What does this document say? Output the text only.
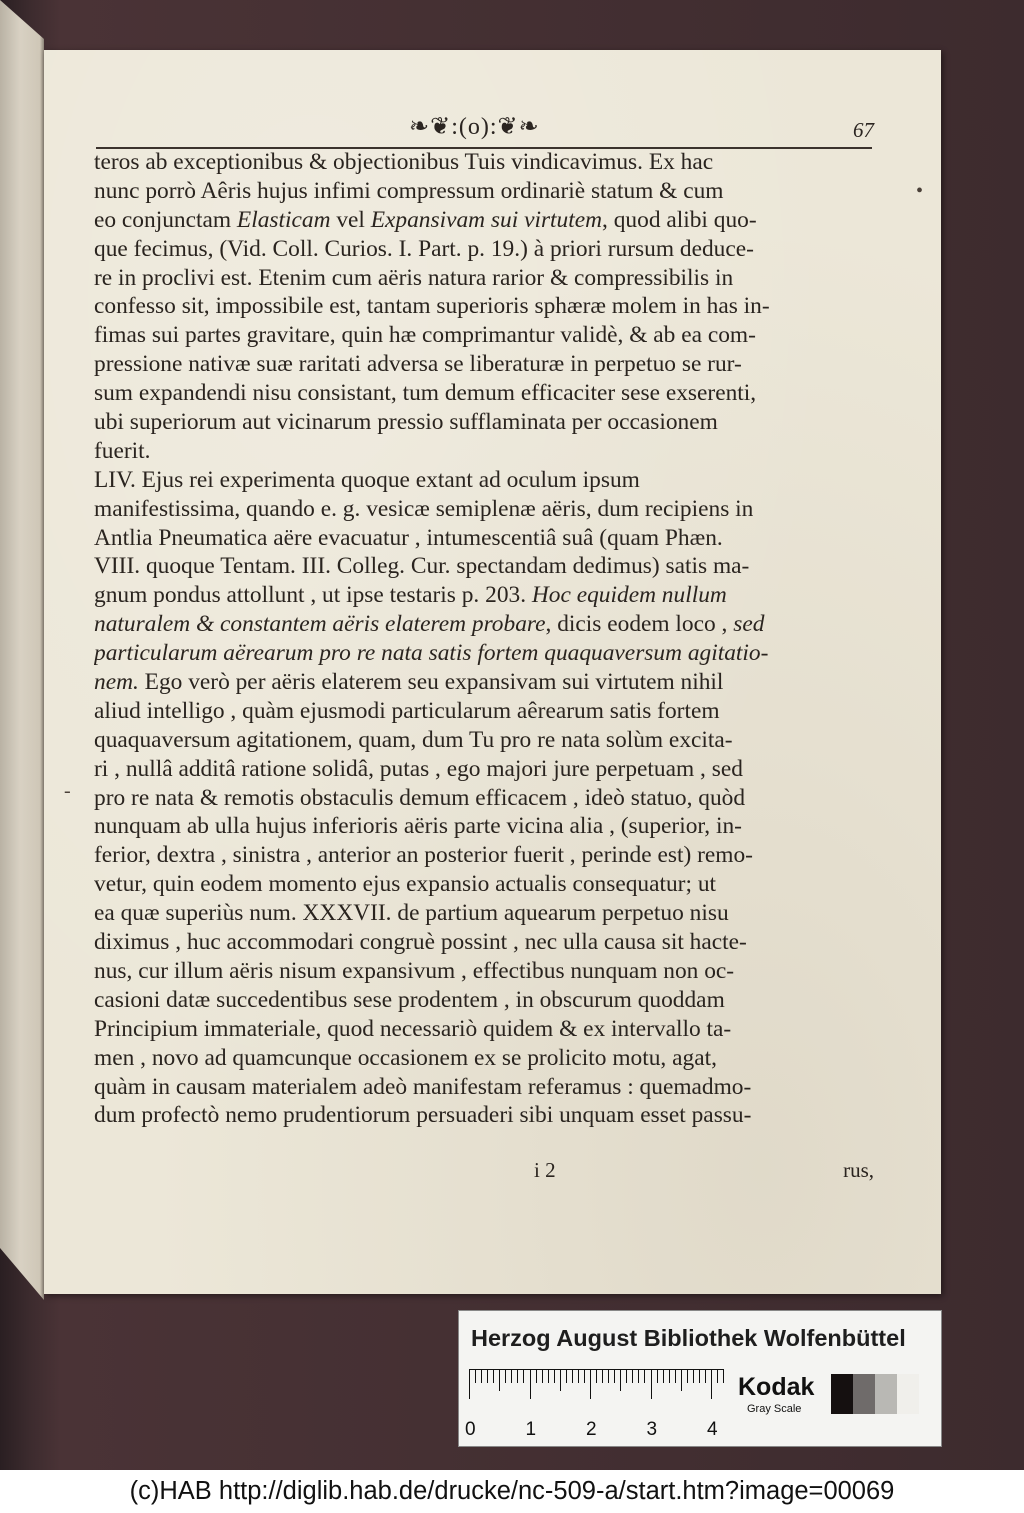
❧❦:(o):❦❧	67
teros ab exceptionibus & objectionibus Tuis vindicavimus. Ex hac
nunc porrò Aêris hujus infimi compressum ordinariè statum & cum
eo conjunctam Elasticam vel Expansivam sui virtutem, quod alibi quo-
que fecimus, (Vid. Coll. Curios. I. Part. p. 19.) à priori rursum deduce-
re in proclivi est. Etenim cum aëris natura rarior & compressibilis in
confesso sit, impossibile est, tantam superioris sphæræ molem in has in-
fimas sui partes gravitare, quin hæ comprimantur validè, & ab ea com-
pressione nativæ suæ raritati adversa se liberaturæ in perpetuo se rur-
sum expandendi nisu consistant, tum demum efficaciter sese exserenti,
ubi superiorum aut vicinarum pressio sufflaminata per occasionem
fuerit.
LIV. Ejus rei experimenta quoque extant ad oculum ipsum
manifestissima, quando e. g. vesicæ semiplenæ aëris, dum recipiens in
Antlia Pneumatica aëre evacuatur , intumescentiâ suâ (quam Phæn.
VIII. quoque Tentam. III. Colleg. Cur. spectandam dedimus) satis ma-
gnum pondus attollunt , ut ipse testaris p. 203. Hoc equidem nullum
naturalem & constantem aëris elaterem probare, dicis eodem loco , sed
particularum aërearum pro re nata satis fortem quaquaversum agitatio-
nem. Ego verò per aëris elaterem seu expansivam sui virtutem nihil
aliud intelligo , quàm ejusmodi particularum aêrearum satis fortem
quaquaversum agitationem, quam, dum Tu pro re nata solùm excita-
ri , nullâ additâ ratione solidâ, putas , ego majori jure perpetuam , sed
pro re nata & remotis obstaculis demum efficacem , ideò statuo, quòd
nunquam ab ulla hujus inferioris aëris parte vicina alia , (superior, in-
ferior, dextra , sinistra , anterior an posterior fuerit , perinde est) remo-
vetur, quin eodem momento ejus expansio actualis consequatur; ut
ea quæ superiùs num. XXXVII. de partium aquearum perpetuo nisu
diximus , huc accommodari congruè possint , nec ulla causa sit hacte-
nus, cur illum aëris nisum expansivum , effectibus nunquam non oc-
casioni datæ succedentibus sese prodentem , in obscurum quoddam
Principium immateriale, quod necessariò quidem & ex intervallo ta-
men , novo ad quamcunque occasionem ex se prolicito motu, agat,
quàm in causam materialem adeò manifestam referamus : quemadmo-
dum profectò nemo prudentiorum persuaderi sibi unquam esset passu-
i 2	rus,
•
-
Herzog August Bibliothek Wolfenbüttel
0	1	2	3	4
Kodak
Gray Scale
(c)HAB http://diglib.hab.de/drucke/nc-509-a/start.htm?image=00069
